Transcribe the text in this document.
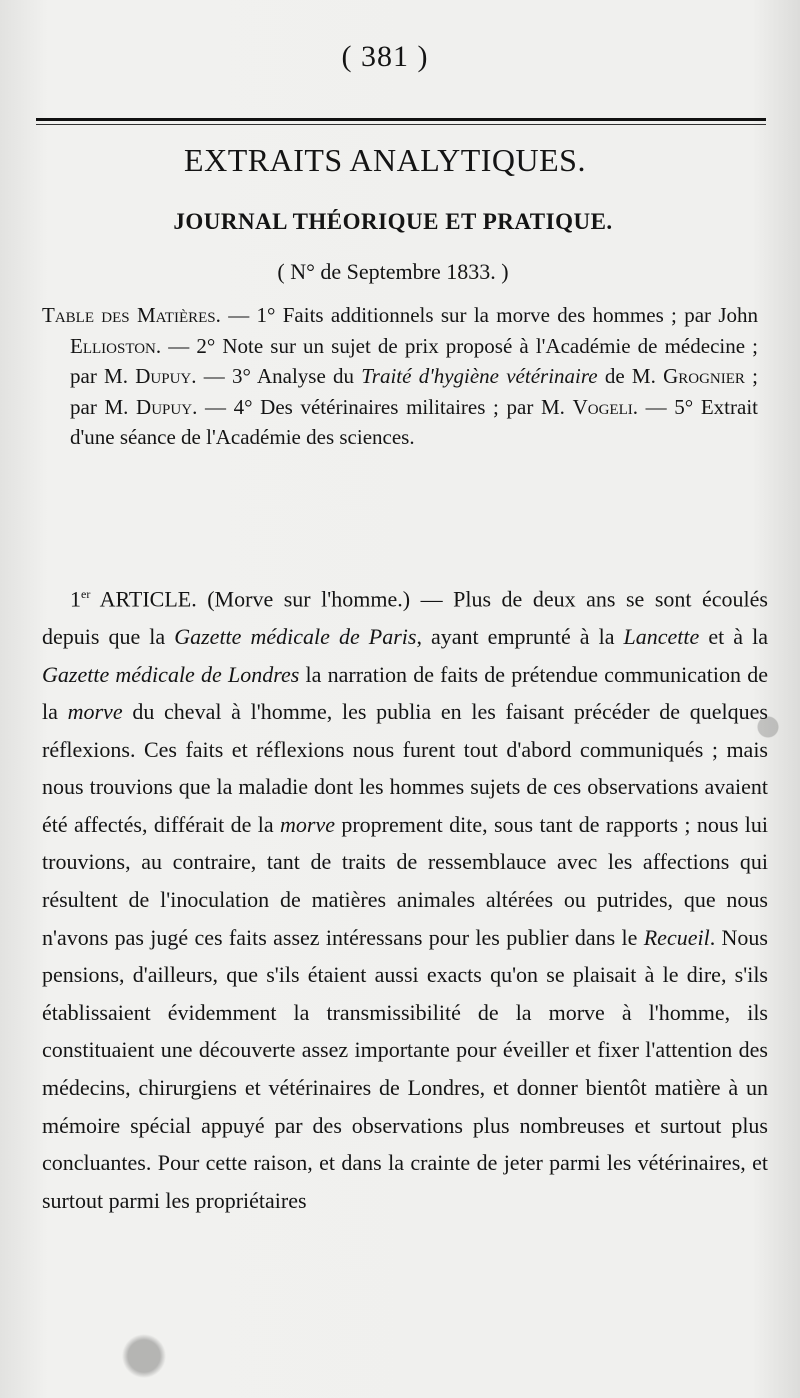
( 381 )
EXTRAITS ANALYTIQUES.
JOURNAL THÉORIQUE ET PRATIQUE.
( N° de Septembre 1833. )
Table des Matières. — 1° Faits additionnels sur la morve des hommes ; par John Ellioston. — 2° Note sur un sujet de prix proposé à l'Académie de médecine ; par M. Dupuy. — 3° Analyse du Traité d'hygiène vétérinaire de M. Grognier ; par M. Dupuy. — 4° Des vétérinaires militaires ; par M. Vogeli. — 5° Extrait d'une séance de l'Académie des sciences.
1er ARTICLE. (Morve sur l'homme.) — Plus de deux ans se sont écoulés depuis que la Gazette médicale de Paris, ayant emprunté à la Lancette et à la Gazette médicale de Londres la narration de faits de prétendue communication de la morve du cheval à l'homme, les publia en les faisant précéder de quelques réflexions. Ces faits et réflexions nous furent tout d'abord communiqués ; mais nous trouvions que la maladie dont les hommes sujets de ces observations avaient été affectés, différait de la morve proprement dite, sous tant de rapports ; nous lui trouvions, au contraire, tant de traits de ressemblauce avec les affections qui résultent de l'inoculation de matières animales altérées ou putrides, que nous n'avons pas jugé ces faits assez intéressans pour les publier dans le Recueil. Nous pensions, d'ailleurs, que s'ils étaient aussi exacts qu'on se plaisait à le dire, s'ils établissaient évidemment la transmissibilité de la morve à l'homme, ils constituaient une découverte assez importante pour éveiller et fixer l'attention des médecins, chirurgiens et vétérinaires de Londres, et donner bientôt matière à un mémoire spécial appuyé par des observations plus nombreuses et surtout plus concluantes. Pour cette raison, et dans la crainte de jeter parmi les vétérinaires, et surtout parmi les propriétaires
